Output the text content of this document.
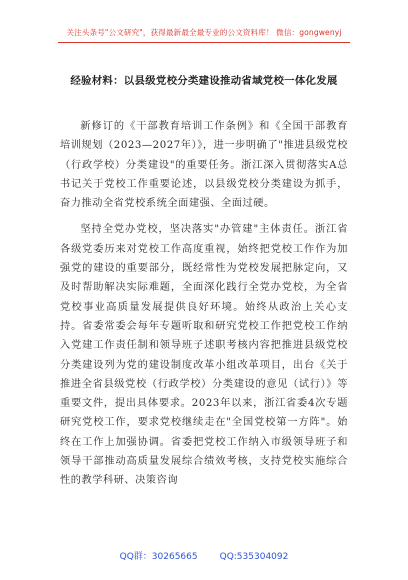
关注头条号"公文研究"，获得最新最全最专业的公文资料库！ 微信：gongwenyj
经验材料：以县级党校分类建设推动省域党校一体化发展

新修订的《干部教育培训工作条例》和《全国干部教育培训规划（2023—2027年）》，进一步明确了"推进县级党校（行政学校）分类建设"的重要任务。浙江深入贯彻落实A总书记关于党校工作重要论述，以县级党校分类建设为抓手，奋力推动全省党校系统全面建强、全面过硬。

坚持全党办党校，坚决落实"办管建"主体责任。浙江省各级党委历来对党校工作高度重视，始终把党校工作作为加强党的建设的重要部分，既经常性为党校发展把脉定向，又及时帮助解决实际难题，全面深化践行全党办党校，为全省党校事业高质量发展提供良好环境。始终从政治上关心支持。省委常委会每年专题听取和研究党校工作把党校工作纳入党建工作责任制和领导班子述职考核内容把推进县级党校分类建设列为党的建设制度改革小组改革项目，出台《关于推进全省县级党校（行政学校）分类建设的意见（试行）》等重要文件，提出具体要求。2023年以来，浙江省委4次专题研究党校工作，要求党校继续走在"全国党校第一方阵"。始终在工作上加强协调。省委把党校工作纳入市级领导班子和领导干部推动高质量发展综合绩效考核，支持党校实施综合性的教学科研、决策咨询

QQ群：30265665 QQ:535304092
